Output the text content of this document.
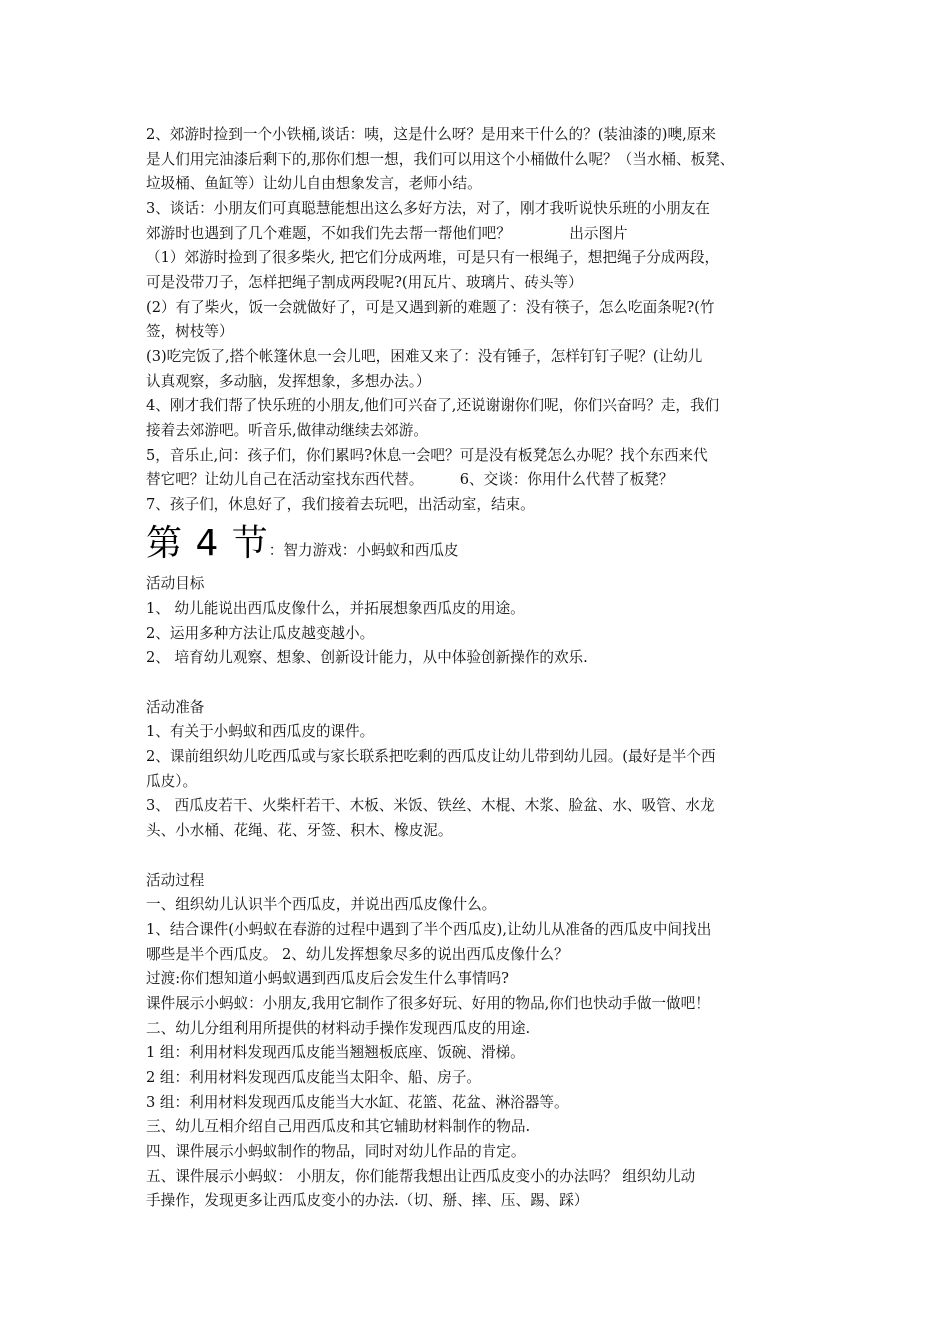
2、郊游时捡到一个小铁桶,谈话：咦，这是什么呀？是用来干什么的？(装油漆的)噢,原来
是人们用完油漆后剩下的,那你们想一想，我们可以用这个小桶做什么呢？（当水桶、板凳、
垃圾桶、鱼缸等）让幼儿自由想象发言，老师小结。
3、谈话：小朋友们可真聪慧能想出这么多好方法，对了，刚才我听说快乐班的小朋友在
郊游时也遇到了几个难题，不如我们先去帮一帮他们吧？　　　　出示图片
（1）郊游时捡到了很多柴火, 把它们分成两堆，可是只有一根绳子，想把绳子分成两段，
可是没带刀子，怎样把绳子割成两段呢?(用瓦片、玻璃片、砖头等）
(2）有了柴火，饭一会就做好了，可是又遇到新的难题了：没有筷子，怎么吃面条呢?(竹
签，树枝等）
(3)吃完饭了,搭个帐篷休息一会儿吧，困难又来了：没有锤子，怎样钉钉子呢？(让幼儿
认真观察，多动脑，发挥想象，多想办法。）
4、刚才我们帮了快乐班的小朋友,他们可兴奋了,还说谢谢你们呢，你们兴奋吗？走，我们
接着去郊游吧。听音乐,做律动继续去郊游。
5，音乐止,问：孩子们，你们累吗?休息一会吧？可是没有板凳怎么办呢？找个东西来代
替它吧？让幼儿自己在活动室找东西代替。　　　6、交谈：你用什么代替了板凳？
7、孩子们，休息好了，我们接着去玩吧，出活动室，结束。
第 4 节：智力游戏：小蚂蚁和西瓜皮
活动目标
1、 幼儿能说出西瓜皮像什么，并拓展想象西瓜皮的用途。
2、运用多种方法让瓜皮越变越小。
2、 培育幼儿观察、想象、创新设计能力，从中体验创新操作的欢乐.
活动准备
1、有关于小蚂蚁和西瓜皮的课件。
2、课前组织幼儿吃西瓜或与家长联系把吃剩的西瓜皮让幼儿带到幼儿园。(最好是半个西
瓜皮）。
3、 西瓜皮若干、火柴杆若干、木板、米饭、铁丝、木棍、木浆、脸盆、水、吸管、水龙
头、小水桶、花绳、花、牙签、积木、橡皮泥。
活动过程
一、组织幼儿认识半个西瓜皮，并说出西瓜皮像什么。
1、结合课件(小蚂蚁在春游的过程中遇到了半个西瓜皮),让幼儿从准备的西瓜皮中间找出
哪些是半个西瓜皮。 2、幼儿发挥想象尽多的说出西瓜皮像什么？
过渡:你们想知道小蚂蚁遇到西瓜皮后会发生什么事情吗?
课件展示小蚂蚁：小朋友,我用它制作了很多好玩、好用的物品,你们也快动手做一做吧！
二、幼儿分组利用所提供的材料动手操作发现西瓜皮的用途.
1 组：利用材料发现西瓜皮能当翘翘板底座、饭碗、滑梯。
2 组：利用材料发现西瓜皮能当太阳伞、船、房子。
3 组：利用材料发现西瓜皮能当大水缸、花篮、花盆、淋浴器等。
三、幼儿互相介绍自己用西瓜皮和其它辅助材料制作的物品.
四、课件展示小蚂蚁制作的物品，同时对幼儿作品的肯定。
五、课件展示小蚂蚁： 小朋友，你们能帮我想出让西瓜皮变小的办法吗？ 组织幼儿动
手操作，发现更多让西瓜皮变小的办法.（切、掰、摔、压、踢、踩）
